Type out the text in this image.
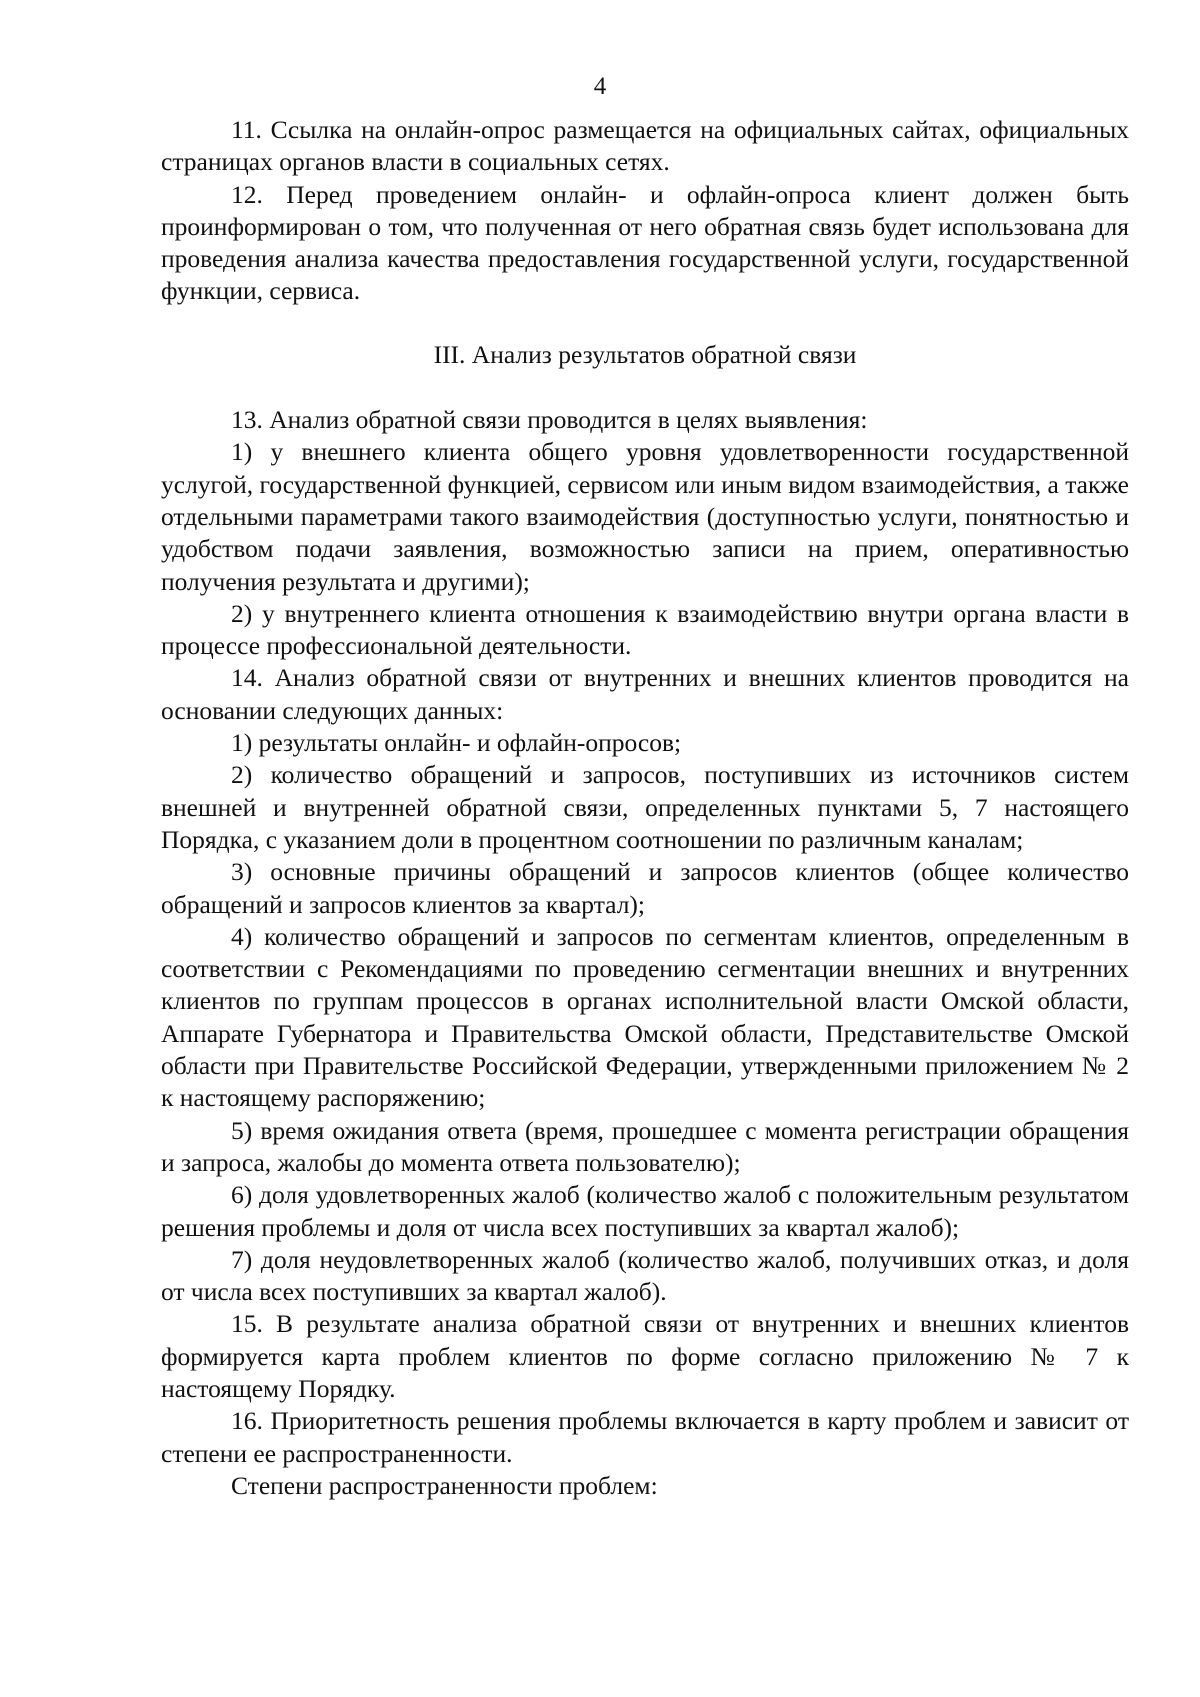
4

11. Ссылка на онлайн-опрос размещается на официальных сайтах, официальных страницах органов власти в социальных сетях.

12. Перед проведением онлайн- и офлайн-опроса клиент должен быть проинформирован о том, что полученная от него обратная связь будет использована для проведения анализа качества предоставления государственной услуги, государственной функции, сервиса.

III. Анализ результатов обратной связи

13. Анализ обратной связи проводится в целях выявления:

1) у внешнего клиента общего уровня удовлетворенности государственной услугой, государственной функцией, сервисом или иным видом взаимодействия, а также отдельными параметрами такого взаимодействия (доступностью услуги, понятностью и удобством подачи заявления, возможностью записи на прием, оперативностью получения результата и другими);

2) у внутреннего клиента отношения к взаимодействию внутри органа власти в процессе профессиональной деятельности.

14. Анализ обратной связи от внутренних и внешних клиентов проводится на основании следующих данных:

1) результаты онлайн- и офлайн-опросов;

2) количество обращений и запросов, поступивших из источников систем внешней и внутренней обратной связи, определенных пунктами 5, 7 настоящего Порядка, с указанием доли в процентном соотношении по различным каналам;

3) основные причины обращений и запросов клиентов (общее количество обращений и запросов клиентов за квартал);

4) количество обращений и запросов по сегментам клиентов, определенным в соответствии с Рекомендациями по проведению сегментации внешних и внутренних клиентов по группам процессов в органах исполнительной власти Омской области, Аппарате Губернатора и Правительства Омской области, Представительстве Омской области при Правительстве Российской Федерации, утвержденными приложением № 2 к настоящему распоряжению;

5) время ожидания ответа (время, прошедшее с момента регистрации обращения и запроса, жалобы до момента ответа пользователю);

6) доля удовлетворенных жалоб (количество жалоб с положительным результатом решения проблемы и доля от числа всех поступивших за квартал жалоб);

7) доля неудовлетворенных жалоб (количество жалоб, получивших отказ, и доля от числа всех поступивших за квартал жалоб).

15. В результате анализа обратной связи от внутренних и внешних клиентов формируется карта проблем клиентов по форме согласно приложению № 7 к настоящему Порядку.

16. Приоритетность решения проблемы включается в карту проблем и зависит от степени ее распространенности.

Степени распространенности проблем:
